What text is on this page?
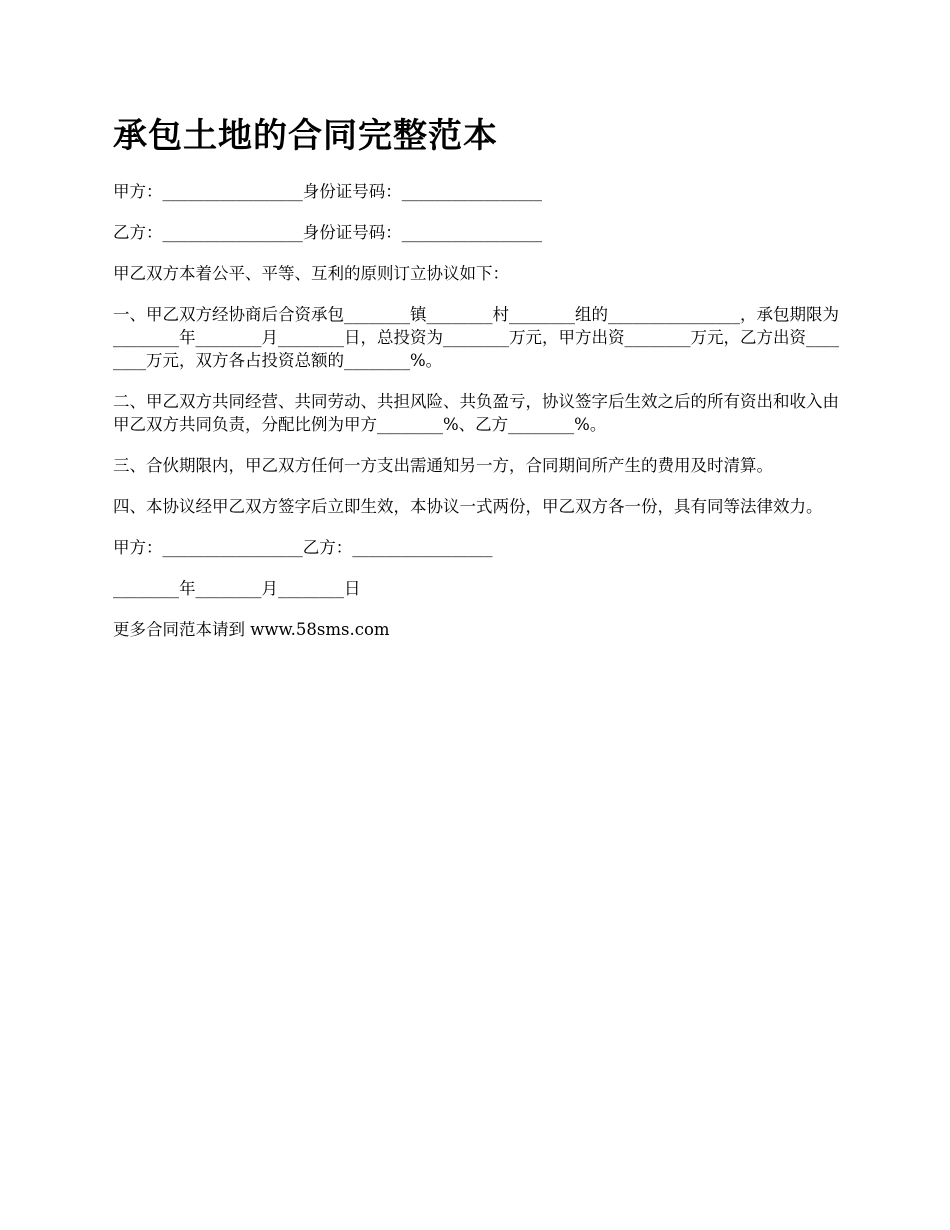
承包土地的合同完整范本

甲方：_________________身份证号码：_________________

乙方：_________________身份证号码：_________________

甲乙双方本着公平、平等、互利的原则订立协议如下：

一、甲乙双方经协商后合资承包________镇________村________组的________________，承包期限为________年________月________日，总投资为________万元，甲方出资________万元，乙方出资________万元，双方各占投资总额的________%。

二、甲乙双方共同经营、共同劳动、共担风险、共负盈亏，协议签字后生效之后的所有资出和收入由甲乙双方共同负责，分配比例为甲方________%、乙方________%。

三、合伙期限内，甲乙双方任何一方支出需通知另一方，合同期间所产生的费用及时清算。

四、本协议经甲乙双方签字后立即生效，本协议一式两份，甲乙双方各一份，具有同等法律效力。

甲方：_________________乙方：_________________

________年________月________日

更多合同范本请到 www.58sms.com
